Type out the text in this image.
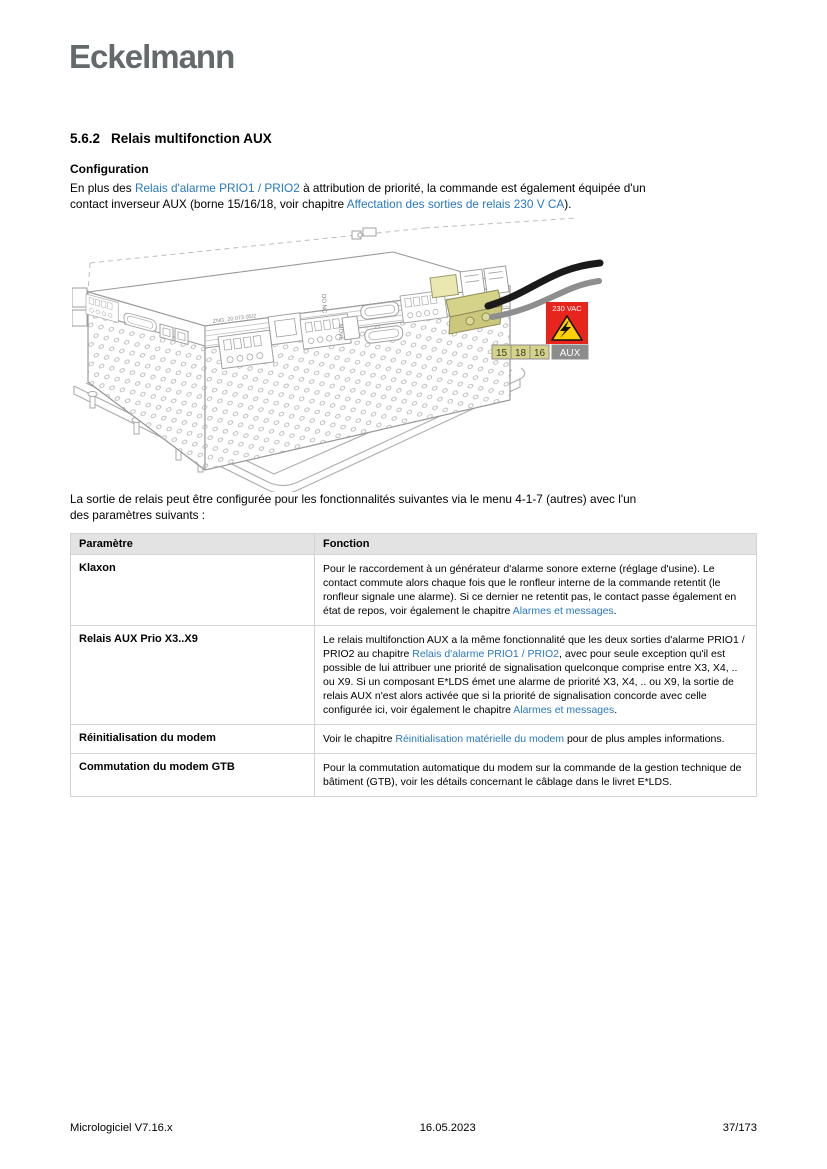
Eckelmann
5.6.2 Relais multifonction AUX
Configuration
En plus des Relais d'alarme PRIO1 / PRIO2 à attribution de priorité, la commande est également équipée d'un
contact inverseur AUX (borne 15/16/18, voir chapitre Affectation des sorties de relais 230 V CA).
ZNG. 20 073 05/2
DO NC
MOVE
230 VAC
15 18 16 AUX
La sortie de relais peut être configurée pour les fonctionnalités suivantes via le menu 4-1-7 (autres) avec l'un
des paramètres suivants :
Paramètre	Fonction
Klaxon	Pour le raccordement à un générateur d'alarme sonore externe (réglage d'usine). Le contact commute alors chaque fois que le ronfleur interne de la commande retentit (le ronfleur signale une alarme). Si ce dernier ne retentit pas, le contact passe également en état de repos, voir également le chapitre Alarmes et messages.
Relais AUX Prio X3..X9	Le relais multifonction AUX a la même fonctionnalité que les deux sorties d'alarme PRIO1 / PRIO2 au chapitre Relais d'alarme PRIO1 / PRIO2, avec pour seule exception qu'il est possible de lui attribuer une priorité de signalisation quelconque comprise entre X3, X4, .. ou X9. Si un composant E*LDS émet une alarme de priorité X3, X4, .. ou X9, la sortie de relais AUX n'est alors activée que si la priorité de signalisation concorde avec celle configurée ici, voir également le chapitre Alarmes et messages.
Réinitialisation du modem	Voir le chapitre Réinitialisation matérielle du modem pour de plus amples informations.
Commutation du modem GTB	Pour la commutation automatique du modem sur la commande de la gestion technique de bâtiment (GTB), voir les détails concernant le câblage dans le livret E*LDS.
Micrologiciel V7.16.x	16.05.2023	37/173
